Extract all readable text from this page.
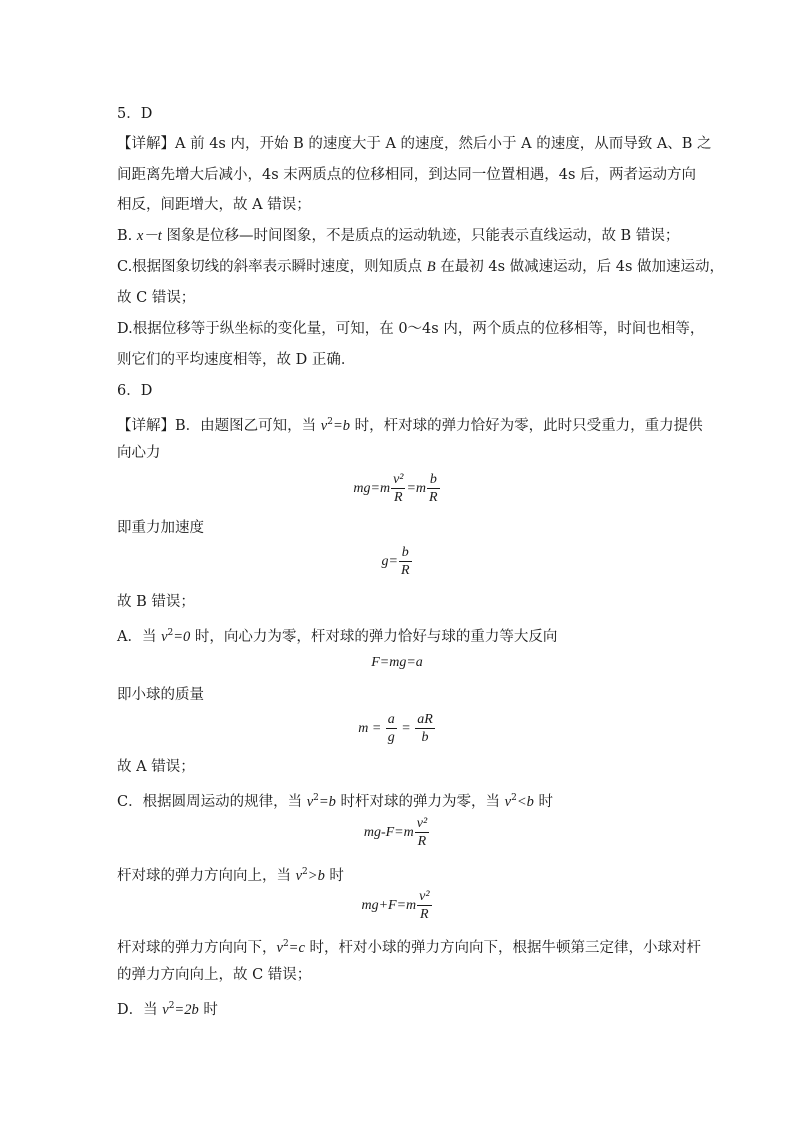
5．D
【详解】A 前 4s 内，开始 B 的速度大于 A 的速度，然后小于 A 的速度，从而导致 A、B 之
间距离先增大后减小，4s 末两质点的位移相同，到达同一位置相遇，4s 后，两者运动方向
相反，间距增大，故 A 错误；
B. x－t 图象是位移—时间图象，不是质点的运动轨迹，只能表示直线运动，故 B 错误；
C.根据图象切线的斜率表示瞬时速度，则知质点 B 在最初 4s 做减速运动，后 4s 做加速运动，
故 C 错误；
D.根据位移等于纵坐标的变化量，可知，在 0～4s 内，两个质点的位移相等，时间也相等，
则它们的平均速度相等，故 D 正确．
6．D
【详解】B．由题图乙可知，当 $v^2=b$ 时，杆对球的弹力恰好为零，此时只受重力，重力提供
向心力
$mg=m \frac{\text{v²}}{R} =m \frac{b}{R}$
即重力加速度
$g= \frac{b}{R}$
故 B 错误；
A．当 $v^2=0$ 时，向心力为零，杆对球的弹力恰好与球的重力等大反向
F=mg=a
即小球的质量
$m = \frac{a}{g} = \frac{aR}{b}$
故 A 错误；
C．根据圆周运动的规律，当 $v^2=b$ 时杆对球的弹力为零，当 $v^2<b$ 时
$mg-F=m \frac{\text{v²}}{R}$
杆对球的弹力方向向上，当 $v^2>b$ 时
$mg+F=m \frac{\text{v²}}{R}$
杆对球的弹力方向向下，$v^2=c$ 时，杆对小球的弹力方向向下，根据牛顿第三定律，小球对杆
的弹力方向向上，故 C 错误；
D．当 $v^2=2b$ 时
